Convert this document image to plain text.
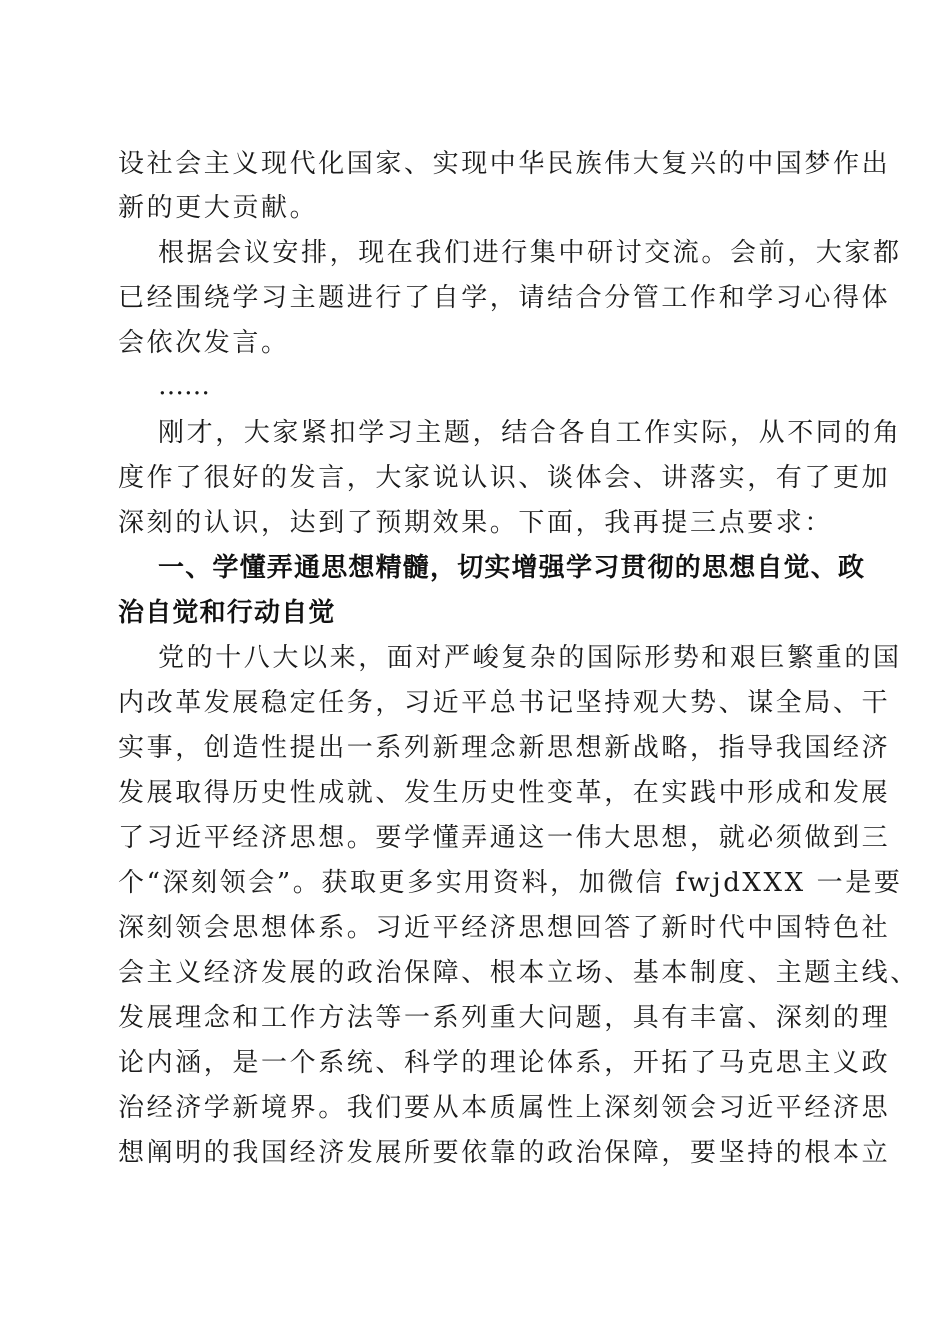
设社会主义现代化国家、实现中华民族伟大复兴的中国梦作出
新的更大贡献。
根据会议安排，现在我们进行集中研讨交流。会前，大家都
已经围绕学习主题进行了自学，请结合分管工作和学习心得体
会依次发言。
……
刚才，大家紧扣学习主题，结合各自工作实际，从不同的角
度作了很好的发言，大家说认识、谈体会、讲落实，有了更加
深刻的认识，达到了预期效果。下面，我再提三点要求：
一、学懂弄通思想精髓，切实增强学习贯彻的思想自觉、政
治自觉和行动自觉
党的十八大以来，面对严峻复杂的国际形势和艰巨繁重的国
内改革发展稳定任务，习近平总书记坚持观大势、谋全局、干
实事，创造性提出一系列新理念新思想新战略，指导我国经济
发展取得历史性成就、发生历史性变革，在实践中形成和发展
了习近平经济思想。要学懂弄通这一伟大思想，就必须做到三
个“深刻领会”。获取更多实用资料，加微信 fwjdXXX 一是要
深刻领会思想体系。习近平经济思想回答了新时代中国特色社
会主义经济发展的政治保障、根本立场、基本制度、主题主线、
发展理念和工作方法等一系列重大问题，具有丰富、深刻的理
论内涵，是一个系统、科学的理论体系，开拓了马克思主义政
治经济学新境界。我们要从本质属性上深刻领会习近平经济思
想阐明的我国经济发展所要依靠的政治保障，要坚持的根本立
